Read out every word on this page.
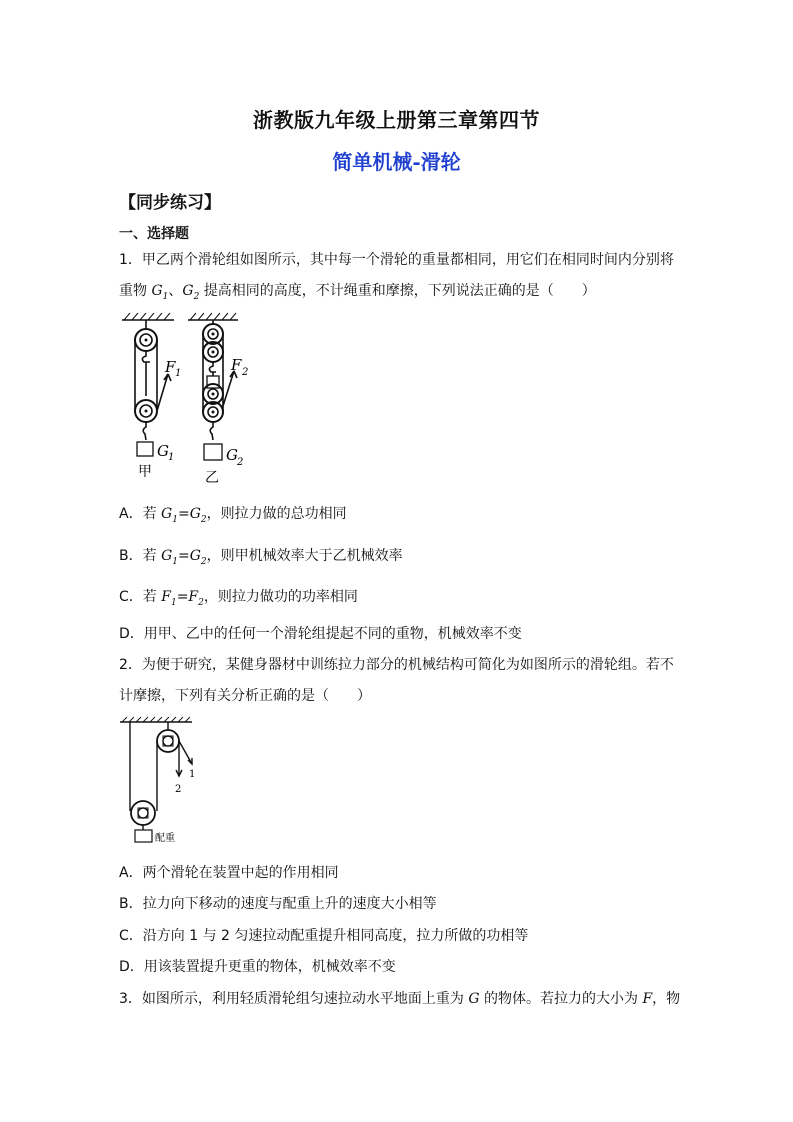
浙教版九年级上册第三章第四节
简单机械-滑轮
【同步练习】
一、选择题
1．甲乙两个滑轮组如图所示，其中每一个滑轮的重量都相同，用它们在相同时间内分别将
重物 $G_1$、$G_2$ 提高相同的高度，不计绳重和摩擦，下列说法正确的是（　　）
F 1	F 2
G 1	G 2
甲	乙
A．若 $G_1=G_2$，则拉力做的总功相同
B．若 $G_1=G_2$，则甲机械效率大于乙机械效率
C．若 $F_1=F_2$，则拉力做功的功率相同
D．用甲、乙中的任何一个滑轮组提起不同的重物，机械效率不变
2．为便于研究，某健身器材中训练拉力部分的机械结构可简化为如图所示的滑轮组。若不
计摩擦，下列有关分析正确的是（　　）
1
2
配重
A．两个滑轮在装置中起的作用相同
B．拉力向下移动的速度与配重上升的速度大小相等
C．沿方向 1 与 2 匀速拉动配重提升相同高度，拉力所做的功相等
D．用该装置提升更重的物体，机械效率不变
3．如图所示，利用轻质滑轮组匀速拉动水平地面上重为 G 的物体。若拉力的大小为 F，物
